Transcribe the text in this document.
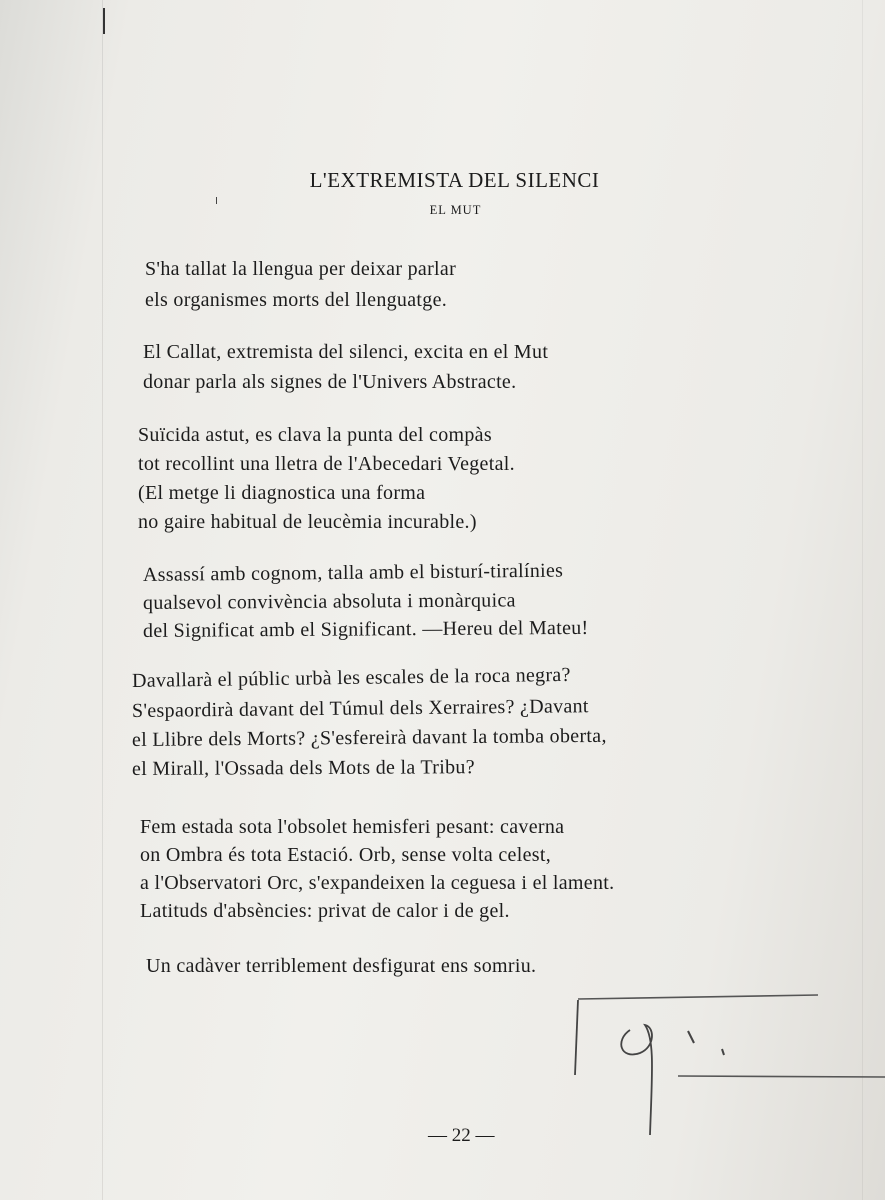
L'EXTREMISTA DEL SILENCI
EL MUT
S'ha tallat la llengua per deixar parlar
els organismes morts del llenguatge.
El Callat, extremista del silenci, excita en el Mut
donar parla als signes de l'Univers Abstracte.
Suïcida astut, es clava la punta del compàs
tot recollint una lletra de l'Abecedari Vegetal.
(El metge li diagnostica una forma
no gaire habitual de leucèmia incurable.)
Assassí amb cognom, talla amb el bisturí-tiralínies
qualsevol convivència absoluta i monàrquica
del Significat amb el Significant. —Hereu del Mateu!
Davallarà el públic urbà les escales de la roca negra?
S'espaordirà davant del Túmul dels Xerraires? ¿Davant
el Llibre dels Morts? ¿S'esfereirà davant la tomba oberta,
el Mirall, l'Ossada dels Mots de la Tribu?
Fem estada sota l'obsolet hemisferi pesant: caverna
on Ombra és tota Estació. Orb, sense volta celest,
a l'Observatori Orc, s'expandeixen la ceguesa i el lament.
Latituds d'absències: privat de calor i de gel.
Un cadàver terriblement desfigurat ens somriu.
— 22 —
